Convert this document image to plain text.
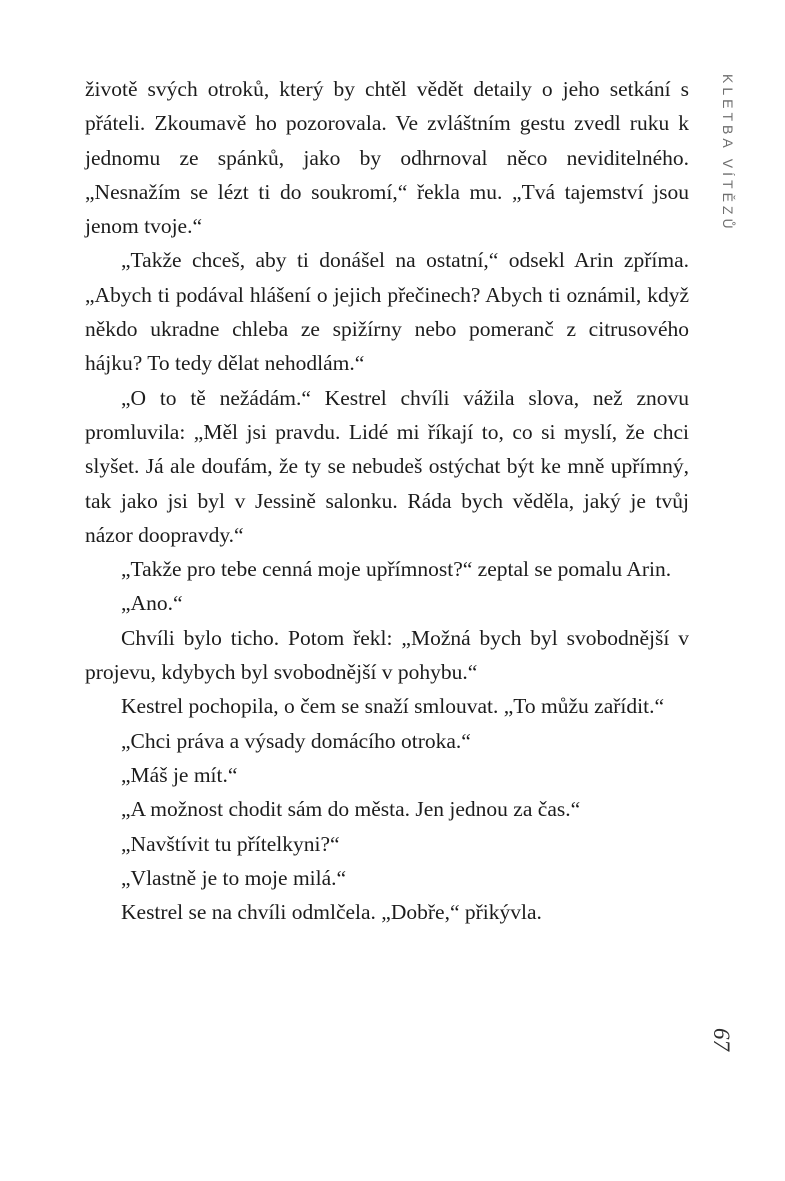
životě svých otroků, který by chtěl vědět detaily o jeho setkání s přáteli. Zkoumavě ho pozorovala. Ve zvláštním gestu zvedl ruku k jednomu ze spánků, jako by odhrnoval něco neviditelného. „Nesnažím se lézt ti do soukromí,“ řekla mu. „Tvá tajemství jsou jenom tvoje.“

„Takže chceš, aby ti donášel na ostatní,“ odsekl Arin zpříma. „Abych ti podával hlášení o jejich přečinech? Abych ti oznámil, když někdo ukradne chleba ze spižírny nebo pomeranč z citrusového hájku? To tedy dělat nehodlám.“

„O to tě nežádám.“ Kestrel chvíli vážila slova, než znovu promluvila: „Měl jsi pravdu. Lidé mi říkají to, co si myslí, že chci slyšet. Já ale doufám, že ty se nebudeš ostýchat být ke mně upřímný, tak jako jsi byl v Jessině salonku. Ráda bych věděla, jaký je tvůj názor doopravdy.“

„Takže pro tebe cenná moje upřímnost?“ zeptal se pomalu Arin.

„Ano.“

Chvíli bylo ticho. Potom řekl: „Možná bych byl svobodnější v projevu, kdybych byl svobodnější v pohybu.“

Kestrel pochopila, o čem se snaží smlouvat. „To můžu zařídit.“

„Chci práva a výsady domácího otroka.“

„Máš je mít.“

„A možnost chodit sám do města. Jen jednou za čas.“

„Navštívit tu přítelkyni?“

„Vlastně je to moje milá.“

Kestrel se na chvíli odmlčela. „Dobře,“ přikývla.

KLETBA VÍTĚZŮ
67
